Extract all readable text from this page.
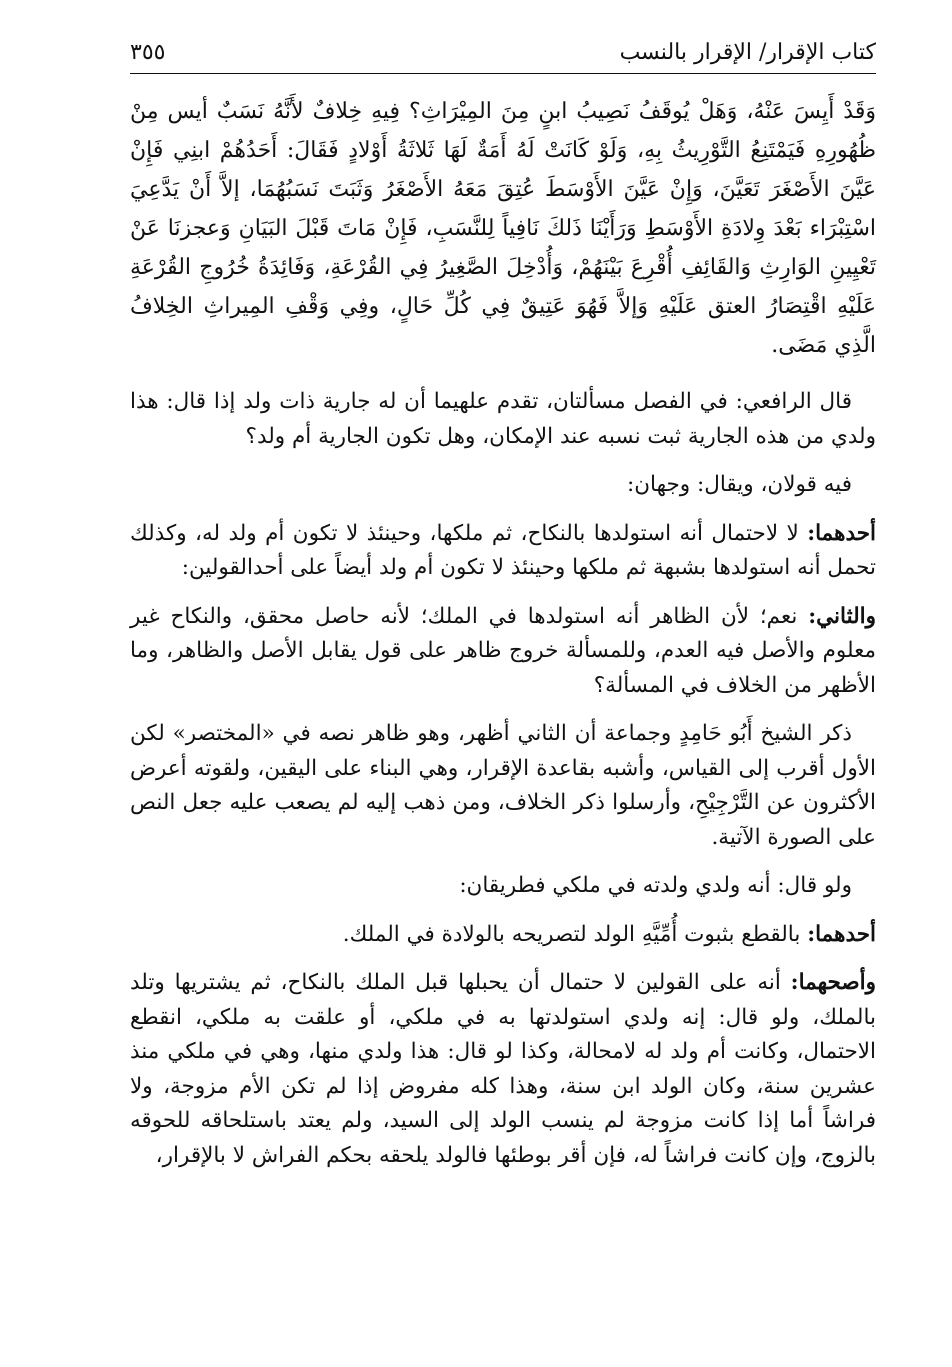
كتاب الإقرار/ الإقرار بالنسب
٣٥٥

وَقَدْ أَيِسَ عَنْهُ، وَهَلْ يُوقَفُ نَصِيبُ ابنٍ مِنَ المِيْرَاثِ؟ فِيهِ خِلافٌ لأَنَّهُ نَسَبٌ أيس مِنْ ظُهُورِهِ فَيَمْتَنِعُ التَّوْرِيثُ بِهِ، وَلَوْ كَانَتْ لَهُ أَمَةٌ لَهَا ثَلاثَةُ أَوْلادٍ فَقَالَ: أَحَدُهُمْ ابنِي فَإِنْ عَيَّنَ الأَصْغَرَ تَعَيَّنَ، وَإِنْ عَيَّنَ الأَوْسَطَ عُتِقَ مَعَهُ الأَصْغَرُ وَثَبَتَ نَسَبُهُمَا، إلاَّ أَنْ يَدَّعِيَ اسْتِبْرَاء بَعْدَ وِلادَةِ الأَوْسَطِ وَرَأَيْنَا ذَلكَ نَافِياً لِلنَّسَبِ، فَإِنْ مَاتَ قَبْلَ البَيَانِ وَعجزنَا عَنْ تَعْيِينِ الوَارِثِ وَالقَائِفِ أُقْرِعَ بَيْنَهُمْ، وَأُدْخِلَ الصَّغِيرُ فِي القُرْعَةِ، وَفَائِدَةُ خُرُوجِ القُرْعَةِ عَلَيْهِ اقْتِصَارُ العتق عَلَيْهِ وَإلاَّ فَهُوَ عَتِيقٌ فِي كُلِّ حَالٍ، وفِي وَقْفِ المِيراثِ الخِلافُ الَّذِي مَضَى.

قال الرافعي: في الفصل مسألتان، تقدم علهيما أن له جارية ذات ولد إذا قال: هذا ولدي من هذه الجارية ثبت نسبه عند الإمكان، وهل تكون الجارية أم ولد؟

فيه قولان، ويقال: وجهان:

أحدهما: لا لاحتمال أنه استولدها بالنكاح، ثم ملكها، وحينئذ لا تكون أم ولد له، وكذلك تحمل أنه استولدها بشبهة ثم ملكها وحينئذ لا تكون أم ولد أيضاً على أحدالقولين:

والثاني: نعم؛ لأن الظاهر أنه استولدها في الملك؛ لأنه حاصل محقق، والنكاح غير معلوم والأصل فيه العدم، وللمسألة خروج ظاهر على قول يقابل الأصل والظاهر، وما الأظهر من الخلاف في المسألة؟

ذكر الشيخ أَبُو حَامِدٍ وجماعة أن الثاني أظهر، وهو ظاهر نصه في «المختصر» لكن الأول أقرب إلى القياس، وأشبه بقاعدة الإقرار، وهي البناء على اليقين، ولقوته أعرض الأكثرون عن التَّرْجِيْحِ، وأرسلوا ذكر الخلاف، ومن ذهب إليه لم يصعب عليه جعل النص على الصورة الآتية.

ولو قال: أنه ولدي ولدته في ملكي فطريقان:

أحدهما: بالقطع بثبوت أُمِّيَّهِ الولد لتصريحه بالولادة في الملك.

وأصحهما: أنه على القولين لا حتمال أن يحبلها قبل الملك بالنكاح، ثم يشتريها وتلد بالملك، ولو قال: إنه ولدي استولدتها به في ملكي، أو علقت به ملكي، انقطع الاحتمال، وكانت أم ولد له لامحالة، وكذا لو قال: هذا ولدي منها، وهي في ملكي منذ عشرين سنة، وكان الولد ابن سنة، وهذا كله مفروض إذا لم تكن الأم مزوجة، ولا فراشاً أما إذا كانت مزوجة لم ينسب الولد إلى السيد، ولم يعتد باستلحاقه للحوقه بالزوج، وإن كانت فراشاً له، فإن أقر بوطئها فالولد يلحقه بحكم الفراش لا بالإقرار،
